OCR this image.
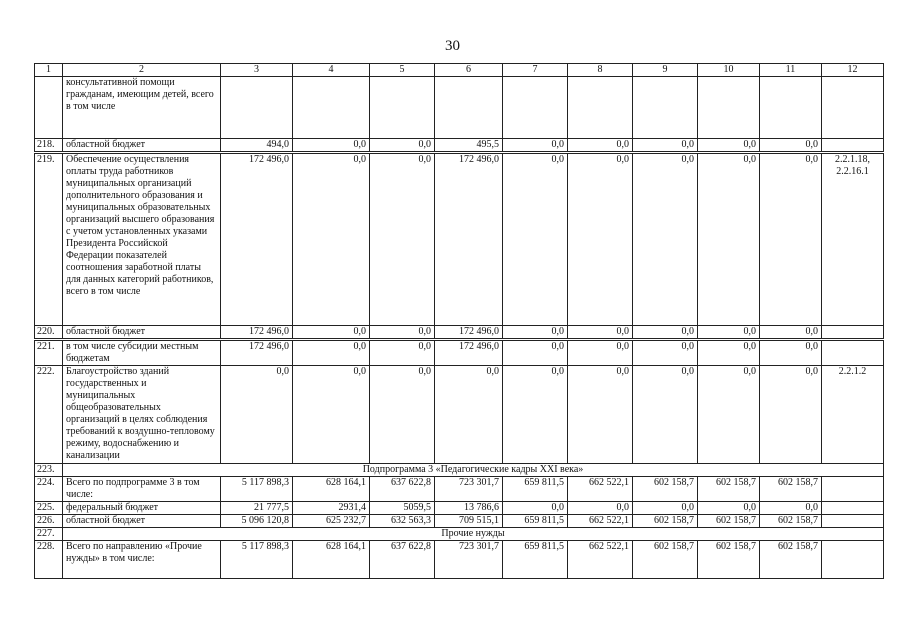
30
1	2	3	4	5	6	7	8	9	10	11	12
	консультативной помощи гражданам, имеющим детей, всего в том числе										
218.	областной бюджет	494,0	0,0	0,0	495,5	0,0	0,0	0,0	0,0	0,0	
219.	Обеспечение осуществления оплаты труда работников муниципальных организаций дополнительного образования и муниципальных образовательных организаций высшего образования с учетом установленных указами Президента Российской Федерации показателей соотношения заработной платы для данных категорий работников, всего в том числе	172 496,0	0,0	0,0	172 496,0	0,0	0,0	0,0	0,0	0,0	2.2.1.18, 2.2.16.1
220.	областной бюджет	172 496,0	0,0	0,0	172 496,0	0,0	0,0	0,0	0,0	0,0	
221.	в том числе субсидии местным бюджетам	172 496,0	0,0	0,0	172 496,0	0,0	0,0	0,0	0,0	0,0	
222.	Благоустройство зданий государственных и муниципальных общеобразовательных организаций в целях соблюдения требований к воздушно-тепловому режиму, водоснабжению и канализации	0,0	0,0	0,0	0,0	0,0	0,0	0,0	0,0	0,0	2.2.1.2
223.	Подпрограмма 3 «Педагогические кадры XXI века»										
224.	Всего по подпрограмме 3 в том числе:	5 117 898,3	628 164,1	637 622,8	723 301,7	659 811,5	662 522,1	602 158,7	602 158,7	602 158,7	
225.	федеральный бюджет	21 777,5	2931,4	5059,5	13 786,6	0,0	0,0	0,0	0,0	0,0	
226.	областной бюджет	5 096 120,8	625 232,7	632 563,3	709 515,1	659 811,5	662 522,1	602 158,7	602 158,7	602 158,7	
227.	Прочие нужды										
228.	Всего по направлению «Прочие нужды» в том числе:	5 117 898,3	628 164,1	637 622,8	723 301,7	659 811,5	662 522,1	602 158,7	602 158,7	602 158,7	
